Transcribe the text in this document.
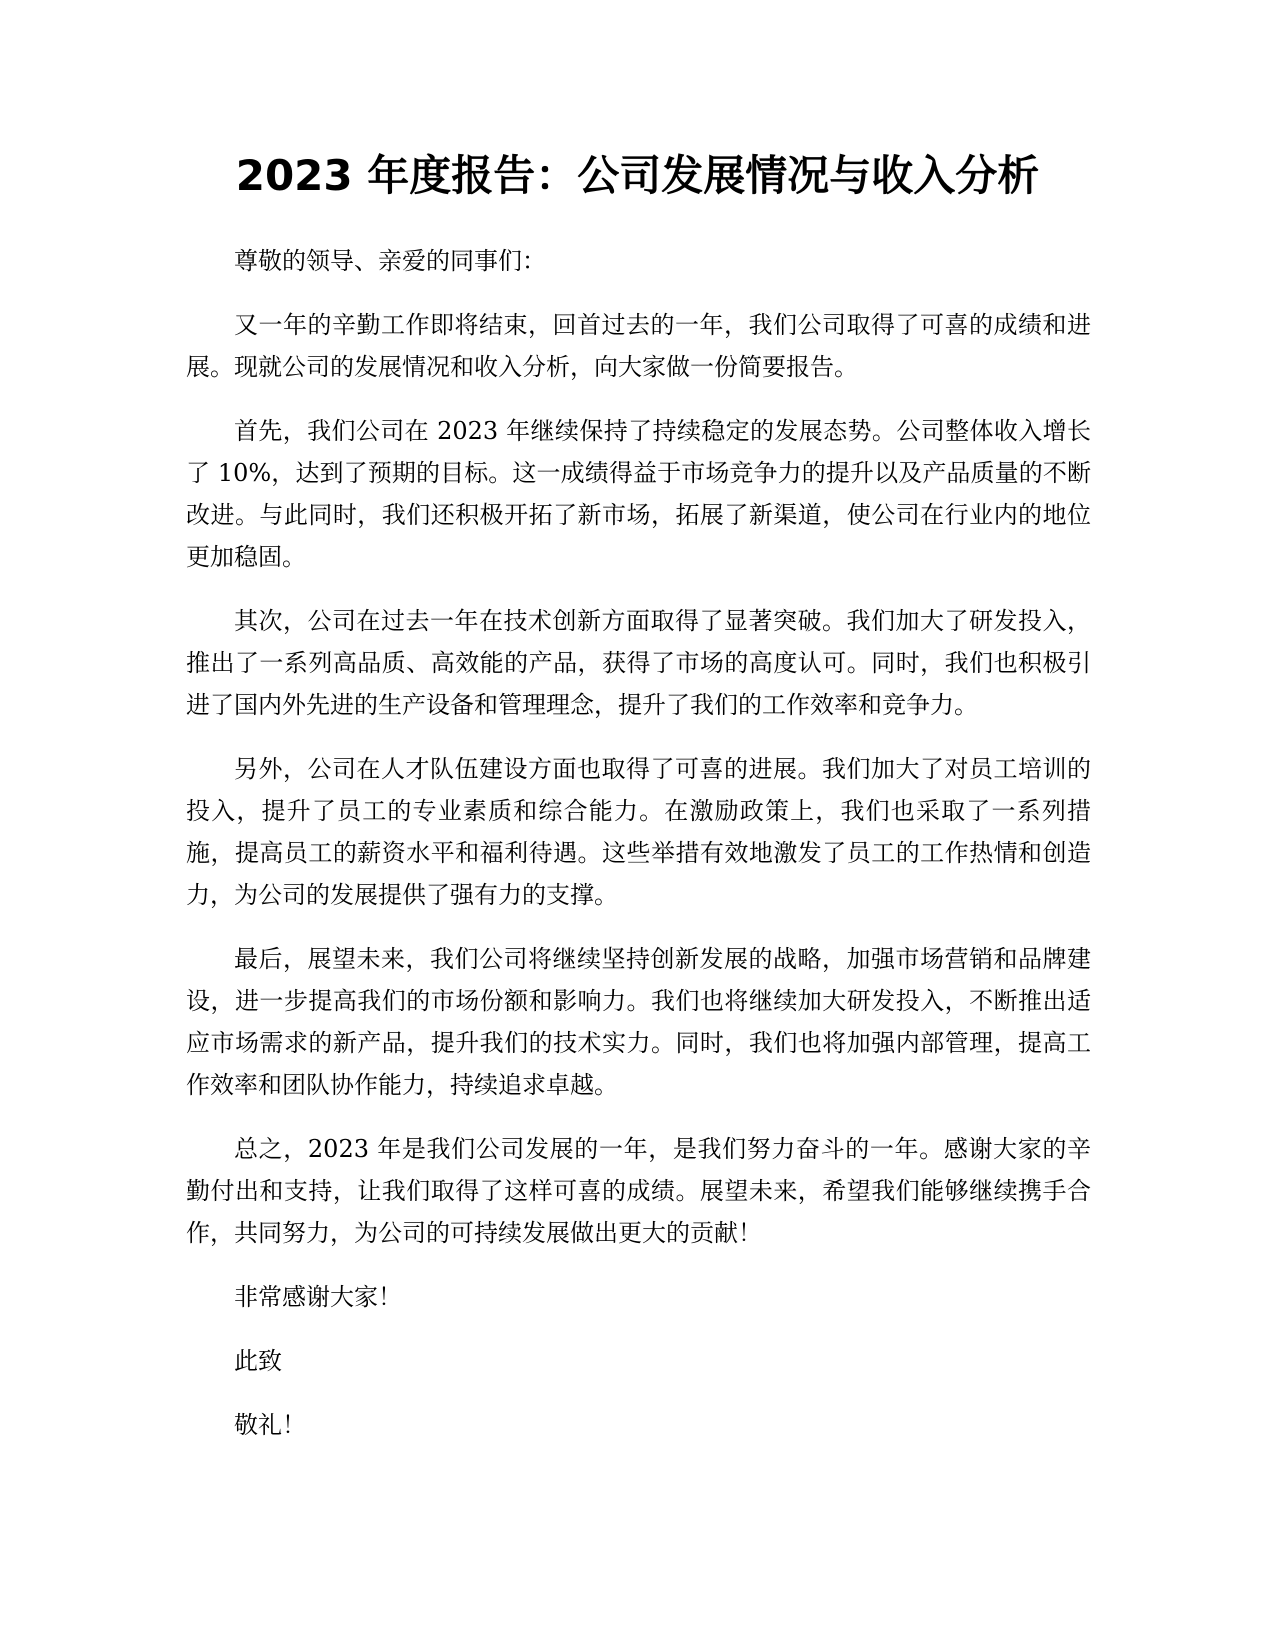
2023 年度报告：公司发展情况与收入分析

尊敬的领导、亲爱的同事们：

又一年的辛勤工作即将结束，回首过去的一年，我们公司取得了可喜的成绩和进展。现就公司的发展情况和收入分析，向大家做一份简要报告。

首先，我们公司在 2023 年继续保持了持续稳定的发展态势。公司整体收入增长了 10%，达到了预期的目标。这一成绩得益于市场竞争力的提升以及产品质量的不断改进。与此同时，我们还积极开拓了新市场，拓展了新渠道，使公司在行业内的地位更加稳固。

其次，公司在过去一年在技术创新方面取得了显著突破。我们加大了研发投入，推出了一系列高品质、高效能的产品，获得了市场的高度认可。同时，我们也积极引进了国内外先进的生产设备和管理理念，提升了我们的工作效率和竞争力。

另外，公司在人才队伍建设方面也取得了可喜的进展。我们加大了对员工培训的投入，提升了员工的专业素质和综合能力。在激励政策上，我们也采取了一系列措施，提高员工的薪资水平和福利待遇。这些举措有效地激发了员工的工作热情和创造力，为公司的发展提供了强有力的支撑。

最后，展望未来，我们公司将继续坚持创新发展的战略，加强市场营销和品牌建设，进一步提高我们的市场份额和影响力。我们也将继续加大研发投入，不断推出适应市场需求的新产品，提升我们的技术实力。同时，我们也将加强内部管理，提高工作效率和团队协作能力，持续追求卓越。

总之，2023 年是我们公司发展的一年，是我们努力奋斗的一年。感谢大家的辛勤付出和支持，让我们取得了这样可喜的成绩。展望未来，希望我们能够继续携手合作，共同努力，为公司的可持续发展做出更大的贡献！

非常感谢大家！

此致

敬礼！
